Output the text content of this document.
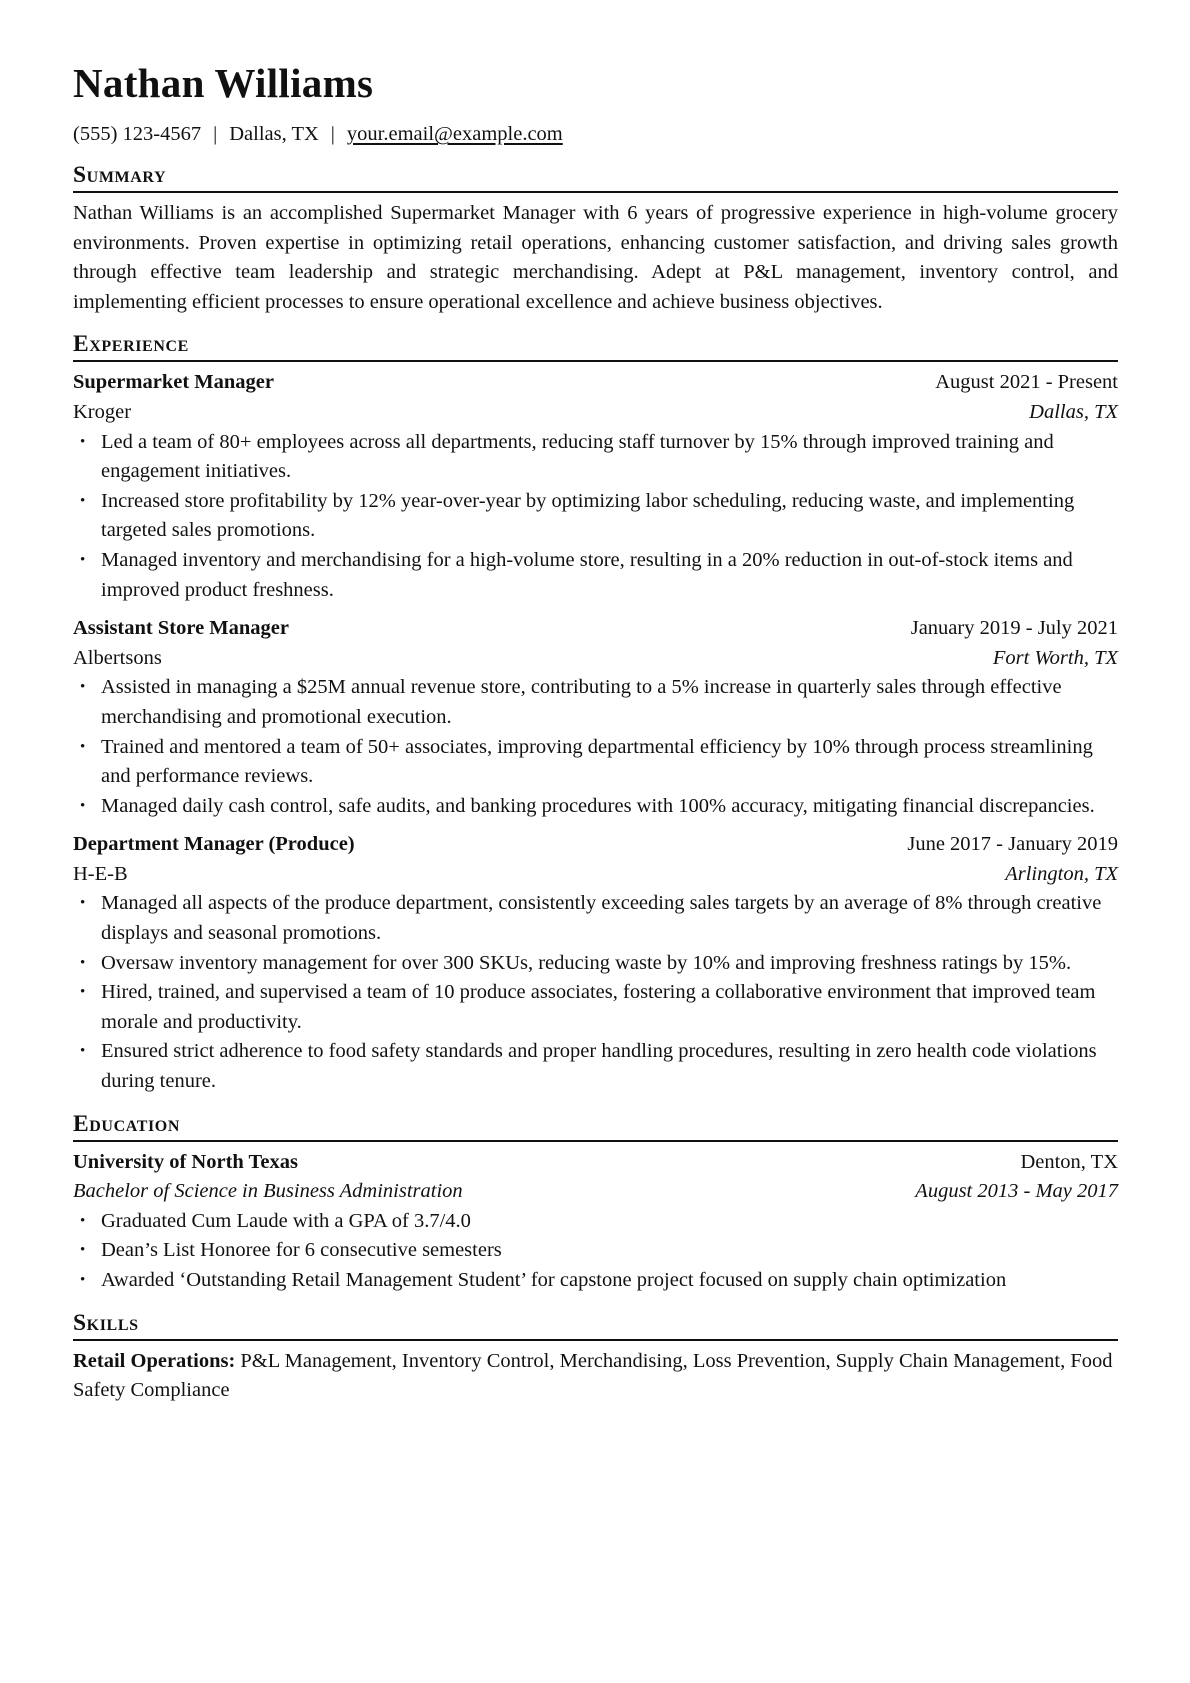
Nathan Williams
(555) 123-4567 | Dallas, TX | your.email@example.com
Summary
Nathan Williams is an accomplished Supermarket Manager with 6 years of progressive experience in high-volume grocery environments. Proven expertise in optimizing retail operations, enhancing customer satisfaction, and driving sales growth through effective team leadership and strategic merchandising. Adept at P&L management, inventory control, and implementing efficient processes to ensure operational excellence and achieve business objectives.
Experience
Supermarket Manager	August 2021 - Present
Kroger	Dallas, TX
• Led a team of 80+ employees across all departments, reducing staff turnover by 15% through improved training and engagement initiatives.
• Increased store profitability by 12% year-over-year by optimizing labor scheduling, reducing waste, and implementing targeted sales promotions.
• Managed inventory and merchandising for a high-volume store, resulting in a 20% reduction in out-of-stock items and improved product freshness.
Assistant Store Manager	January 2019 - July 2021
Albertsons	Fort Worth, TX
• Assisted in managing a $25M annual revenue store, contributing to a 5% increase in quarterly sales through effective merchandising and promotional execution.
• Trained and mentored a team of 50+ associates, improving departmental efficiency by 10% through process streamlining and performance reviews.
• Managed daily cash control, safe audits, and banking procedures with 100% accuracy, mitigating financial discrepancies.
Department Manager (Produce)	June 2017 - January 2019
H-E-B	Arlington, TX
• Managed all aspects of the produce department, consistently exceeding sales targets by an average of 8% through creative displays and seasonal promotions.
• Oversaw inventory management for over 300 SKUs, reducing waste by 10% and improving freshness ratings by 15%.
• Hired, trained, and supervised a team of 10 produce associates, fostering a collaborative environment that improved team morale and productivity.
• Ensured strict adherence to food safety standards and proper handling procedures, resulting in zero health code violations during tenure.
Education
University of North Texas	Denton, TX
Bachelor of Science in Business Administration	August 2013 - May 2017
• Graduated Cum Laude with a GPA of 3.7/4.0
• Dean’s List Honoree for 6 consecutive semesters
• Awarded ‘Outstanding Retail Management Student’ for capstone project focused on supply chain optimization
Skills
Retail Operations: P&L Management, Inventory Control, Merchandising, Loss Prevention, Supply Chain Management, Food Safety Compliance
